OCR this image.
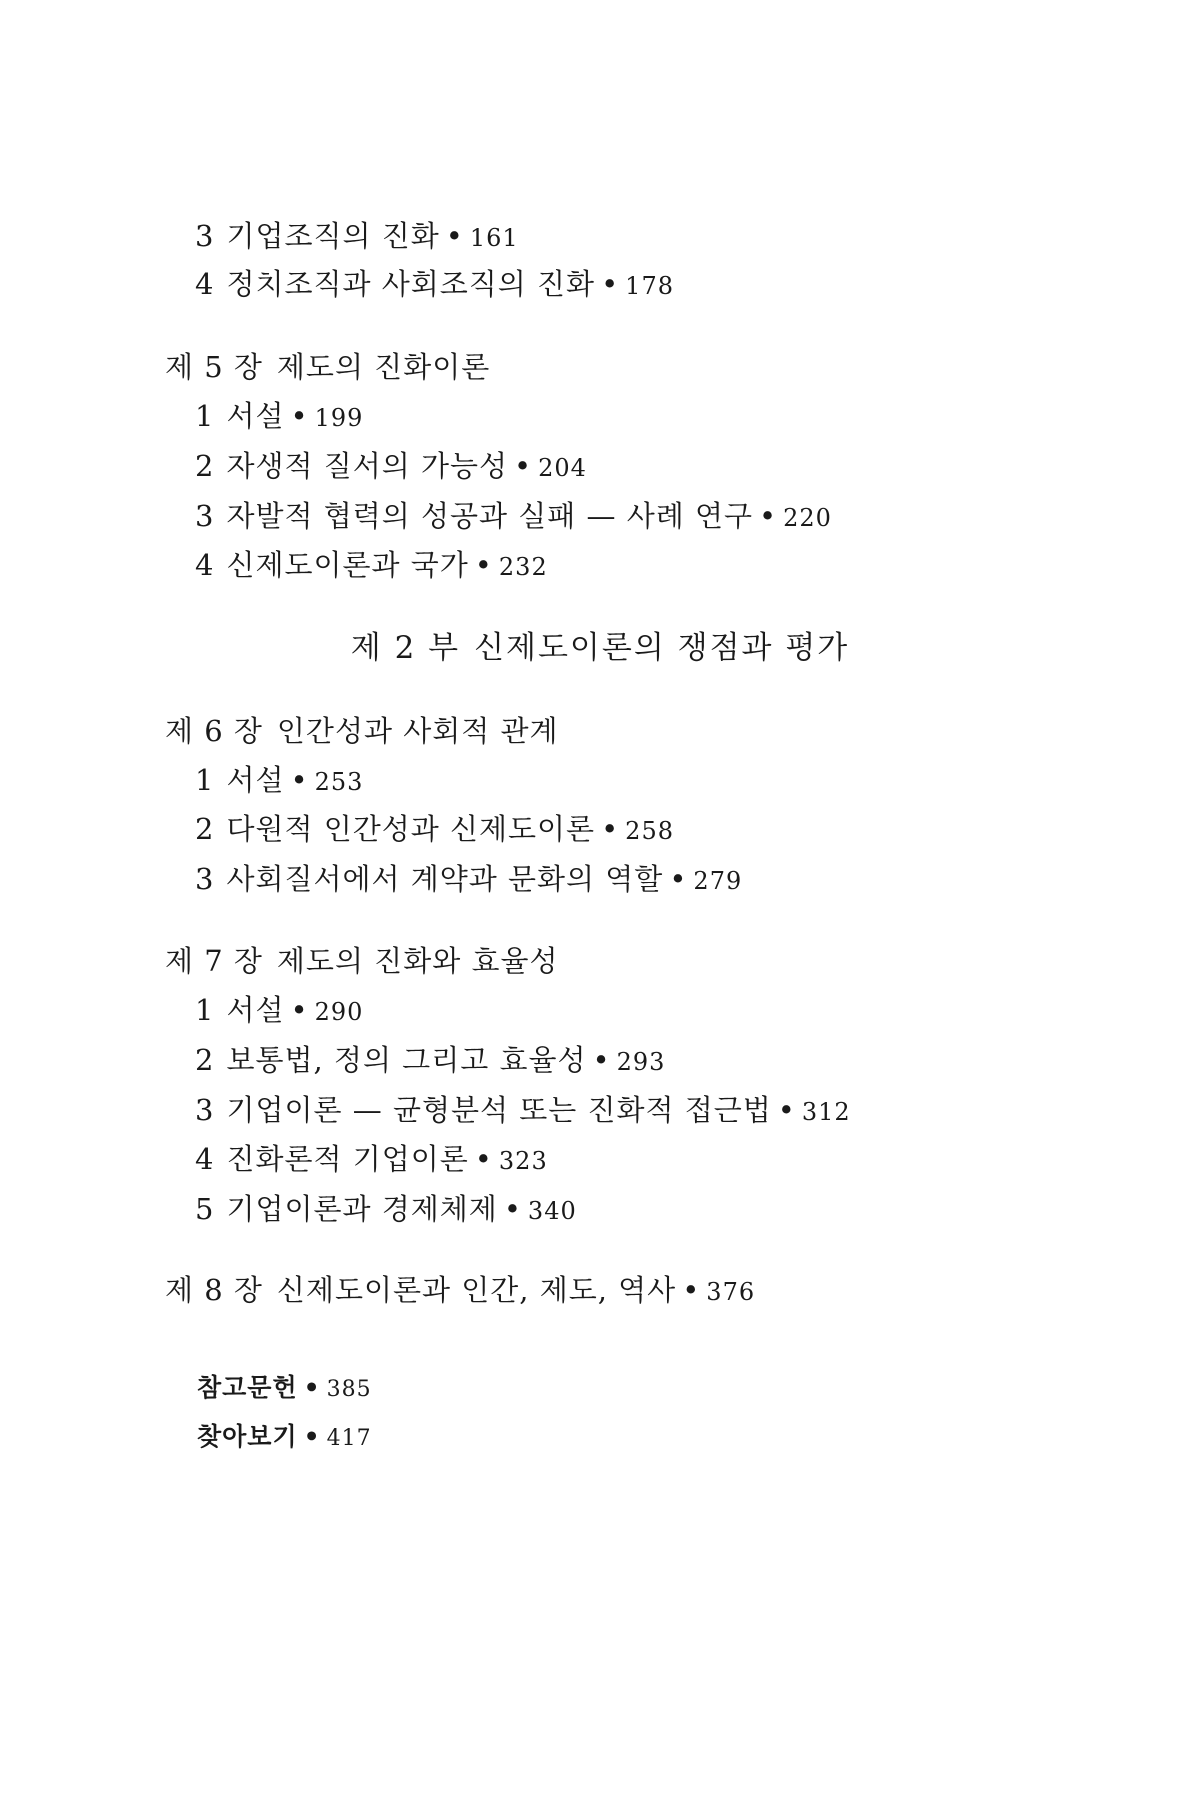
3 기업조직의 진화 • 161
4 정치조직과 사회조직의 진화 • 178
제 5 장 제도의 진화이론
1 서설 • 199
2 자생적 질서의 가능성 • 204
3 자발적 협력의 성공과 실패 — 사례 연구 • 220
4 신제도이론과 국가 • 232
제 2 부 신제도이론의 쟁점과 평가
제 6 장 인간성과 사회적 관계
1 서설 • 253
2 다원적 인간성과 신제도이론 • 258
3 사회질서에서 계약과 문화의 역할 • 279
제 7 장 제도의 진화와 효율성
1 서설 • 290
2 보통법, 정의 그리고 효율성 • 293
3 기업이론 — 균형분석 또는 진화적 접근법 • 312
4 진화론적 기업이론 • 323
5 기업이론과 경제체제 • 340
제 8 장 신제도이론과 인간, 제도, 역사 • 376
참고문헌 • 385
찾아보기 • 417
